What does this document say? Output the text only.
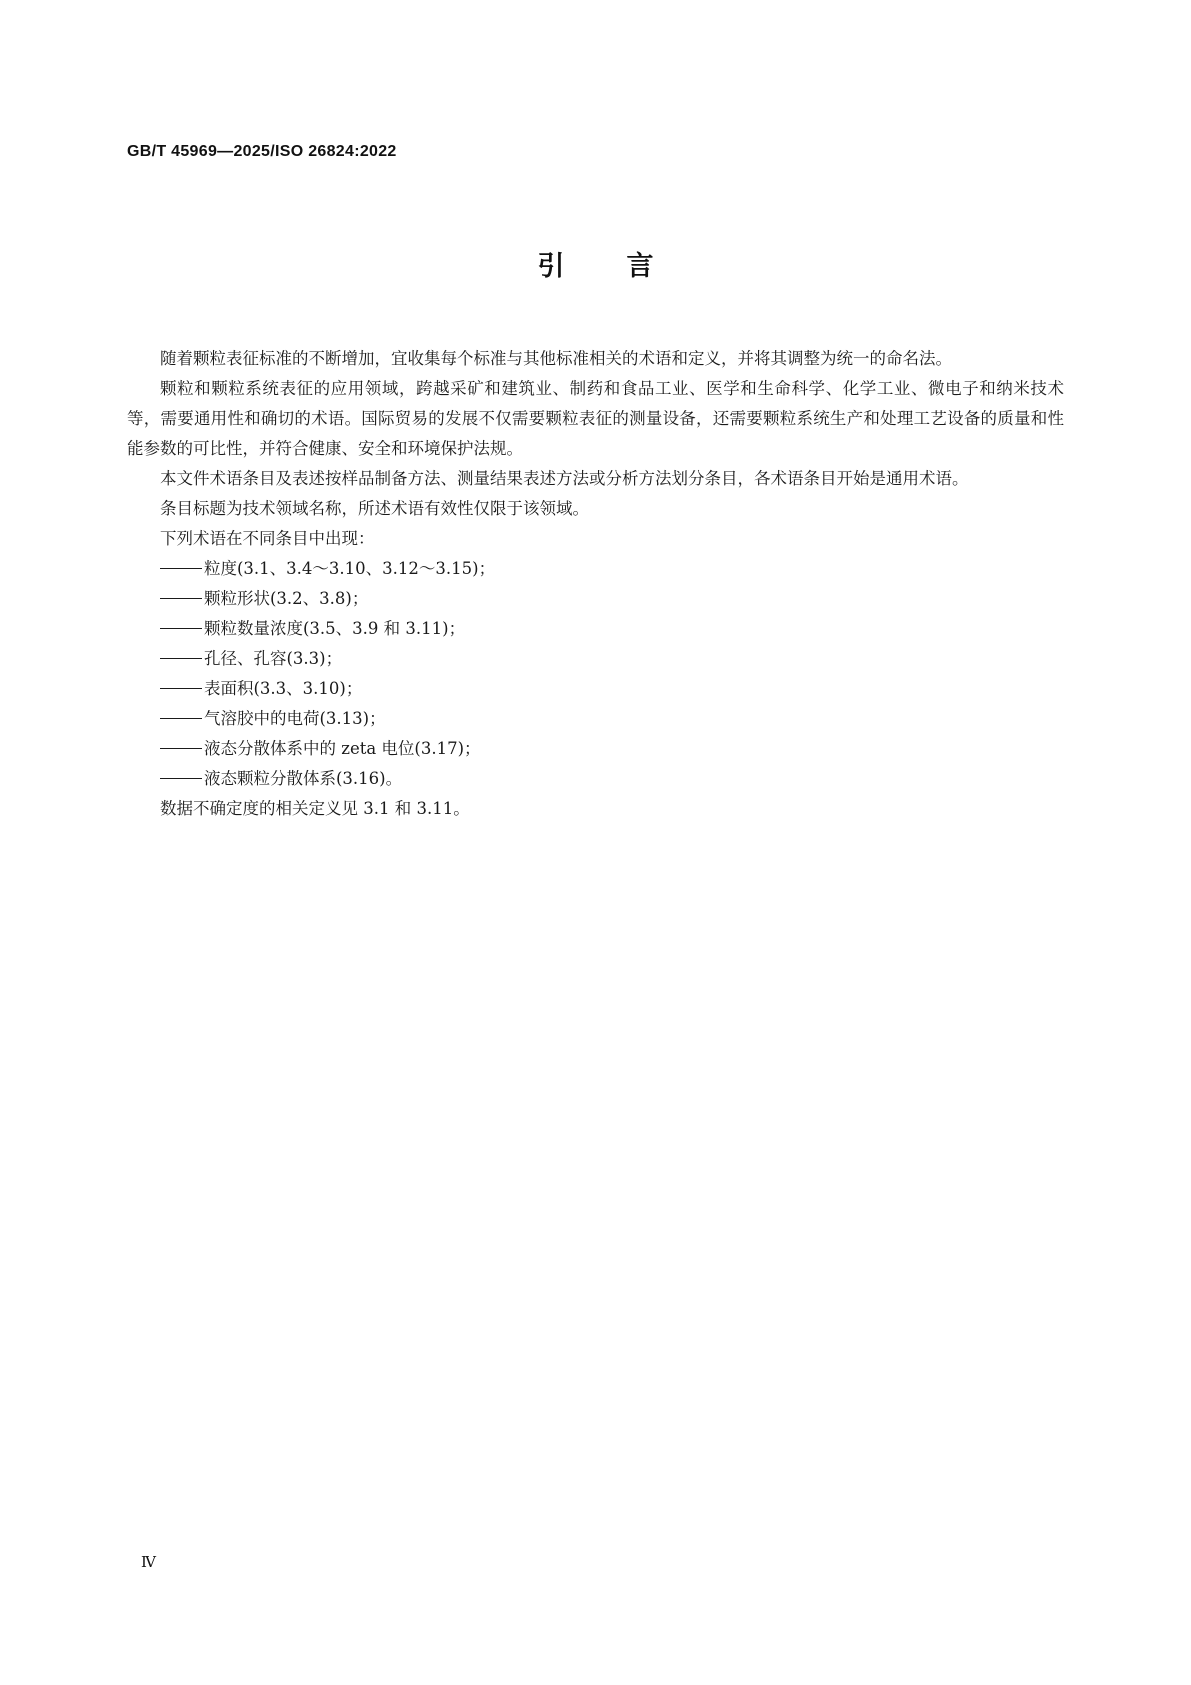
GB/T 45969—2025/ISO 26824:2022
引 言

随着颗粒表征标准的不断增加，宜收集每个标准与其他标准相关的术语和定义，并将其调整为统一的命名法。

颗粒和颗粒系统表征的应用领域，跨越采矿和建筑业、制药和食品工业、医学和生命科学、化学工业、微电子和纳米技术等，需要通用性和确切的术语。国际贸易的发展不仅需要颗粒表征的测量设备，还需要颗粒系统生产和处理工艺设备的质量和性能参数的可比性，并符合健康、安全和环境保护法规。

本文件术语条目及表述按样品制备方法、测量结果表述方法或分析方法划分条目，各术语条目开始是通用术语。

条目标题为技术领域名称，所述术语有效性仅限于该领域。

下列术语在不同条目中出现：

粒度(3.1、3.4～3.10、3.12～3.15)；
颗粒形状(3.2、3.8)；
颗粒数量浓度(3.5、3.9 和 3.11)；
孔径、孔容(3.3)；
表面积(3.3、3.10)；
气溶胶中的电荷(3.13)；
液态分散体系中的 zeta 电位(3.17)；
液态颗粒分散体系(3.16)。

数据不确定度的相关定义见 3.1 和 3.11。

Ⅳ
